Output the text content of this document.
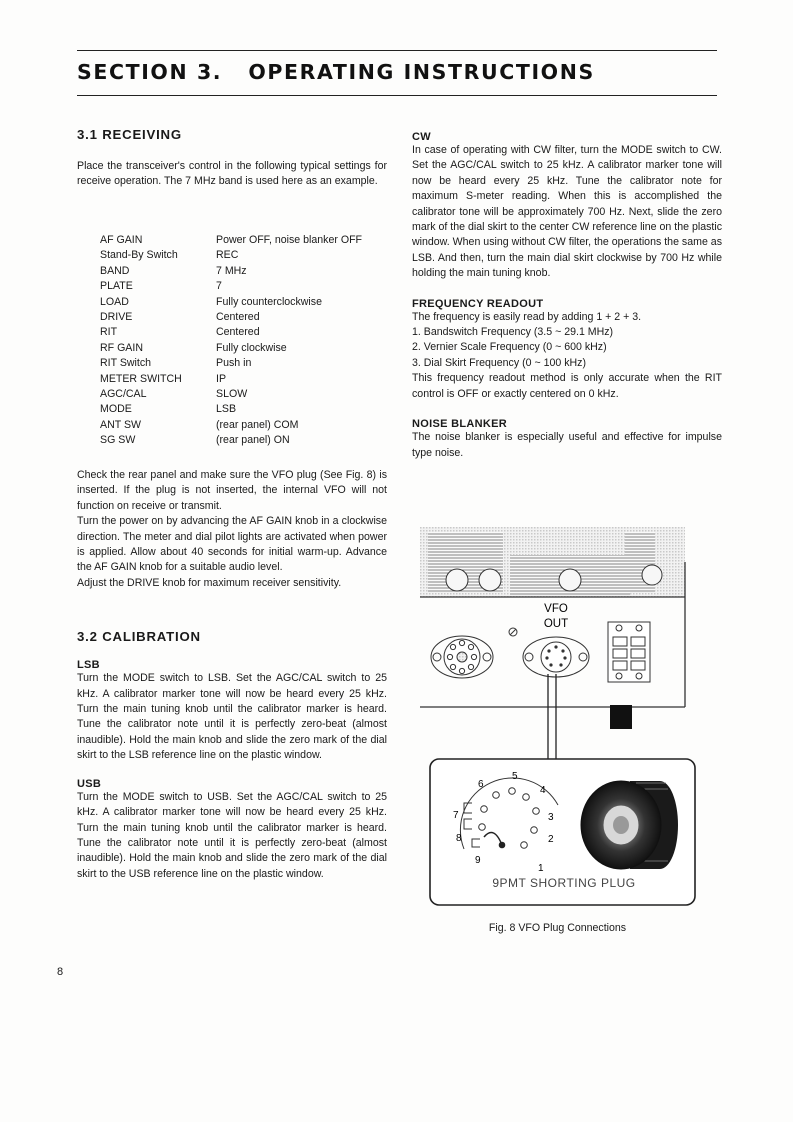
SECTION 3.   OPERATING INSTRUCTIONS
3.1 RECEIVING

Place the transceiver's control in the following typical settings for receive operation. The 7 MHz band is used here as an example.

AF GAIN	Power OFF, noise blanker OFF
Stand-By Switch	REC
BAND	7 MHz
PLATE	7
LOAD	Fully counterclockwise
DRIVE	Centered
RIT	Centered
RF GAIN	Fully clockwise
RIT Switch	Push in
METER SWITCH	IP
AGC/CAL	SLOW
MODE	LSB
ANT SW	(rear panel) COM
SG SW	(rear panel) ON

Check the rear panel and make sure the VFO plug (See Fig. 8) is inserted. If the plug is not inserted, the internal VFO will not function on receive or transmit.
Turn the power on by advancing the AF GAIN knob in a clockwise direction. The meter and dial pilot lights are activated when power is applied. Allow about 40 seconds for initial warm-up. Advance the AF GAIN knob for a suitable audio level.
Adjust the DRIVE knob for maximum receiver sensitivity.

3.2 CALIBRATION
LSB

Turn the MODE switch to LSB. Set the AGC/CAL switch to 25 kHz. A calibrator marker tone will now be heard every 25 kHz. Turn the main tuning knob until the calibrator marker is heard. Tune the calibrator note until it is perfectly zero-beat (almost inaudible). Hold the main knob and slide the zero mark of the dial skirt to the LSB reference line on the plastic window.

USB

Turn the MODE switch to USB. Set the AGC/CAL switch to 25 kHz. A calibrator marker tone will now be heard every 25 kHz. Turn the main tuning knob until the calibrator marker is heard. Tune the calibrator note until it is perfectly zero-beat (almost inaudible). Hold the main knob and slide the zero mark of the dial skirt to the USB reference line on the plastic window.

CW

In case of operating with CW filter, turn the MODE switch to CW. Set the AGC/CAL switch to 25 kHz. A calibrator marker tone will now be heard every 25 kHz. Tune the calibrator note for maximum S-meter reading. When this is accomplished the calibrator tone will be approximately 700 Hz. Next, slide the zero mark of the dial skirt to the center CW reference line on the plastic window. When using without CW filter, the operations the same as LSB. And then, turn the main dial skirt clockwise by 700 Hz while holding the main tuning knob.

FREQUENCY READOUT

The frequency is easily read by adding 1 + 2 + 3.

1. Bandswitch Frequency (3.5 ~ 29.1 MHz)
2. Vernier Scale Frequency (0 ~ 600 kHz)
3. Dial Skirt Frequency (0 ~ 100 kHz)

This frequency readout method is only accurate when the RIT control is OFF or exactly centered on 0 kHz.

NOISE BLANKER

The noise blanker is especially useful and effective for impulse type noise.

VFO
OUT
1
2
3
4
5
6
7
8
9
9PMT SHORTING PLUG
Fig. 8 VFO Plug Connections
8
